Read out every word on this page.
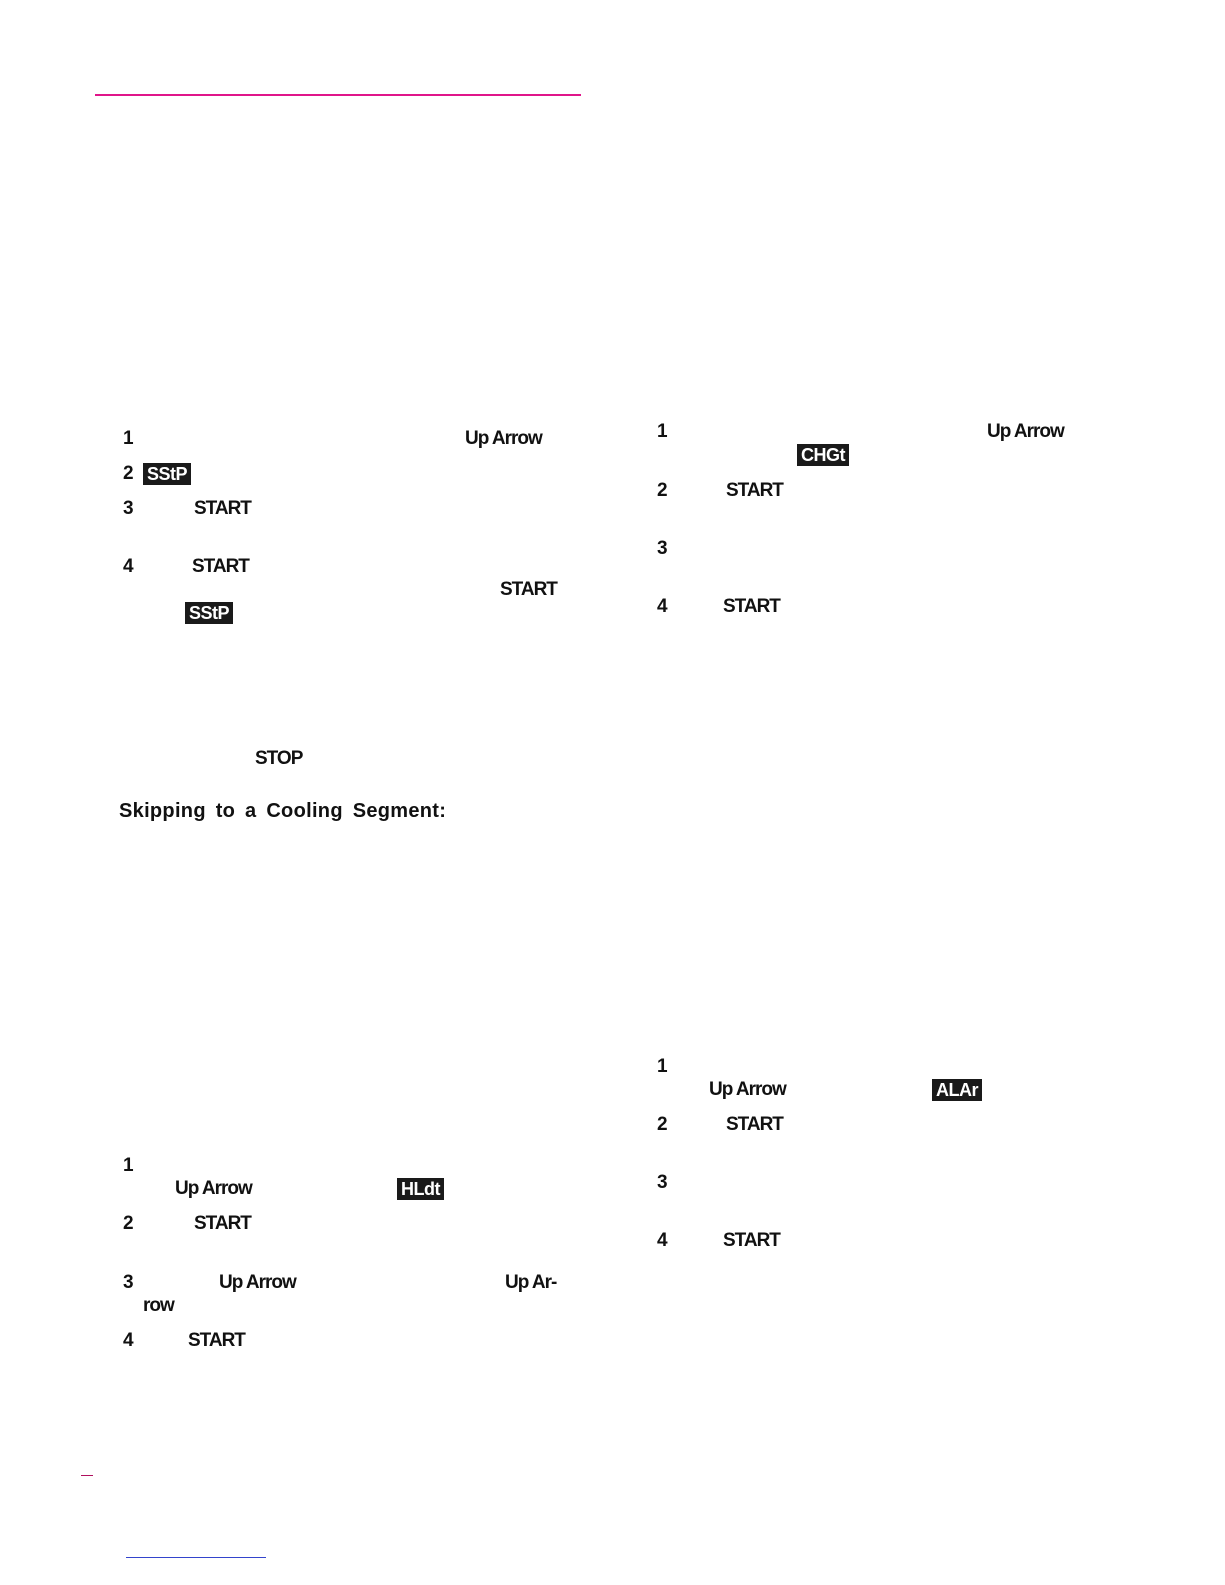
1	Up Arrow
2 SStP
3	START
4	START
START
SStP
STOP
Skipping to a Cooling Segment:
1
Up Arrow	HLdt
2	START
3	Up Arrow	Up Ar-
row
4	START
1	Up Arrow
CHGt
2	START
3
4	START
1
Up Arrow	ALAr
2	START
3
4	START
